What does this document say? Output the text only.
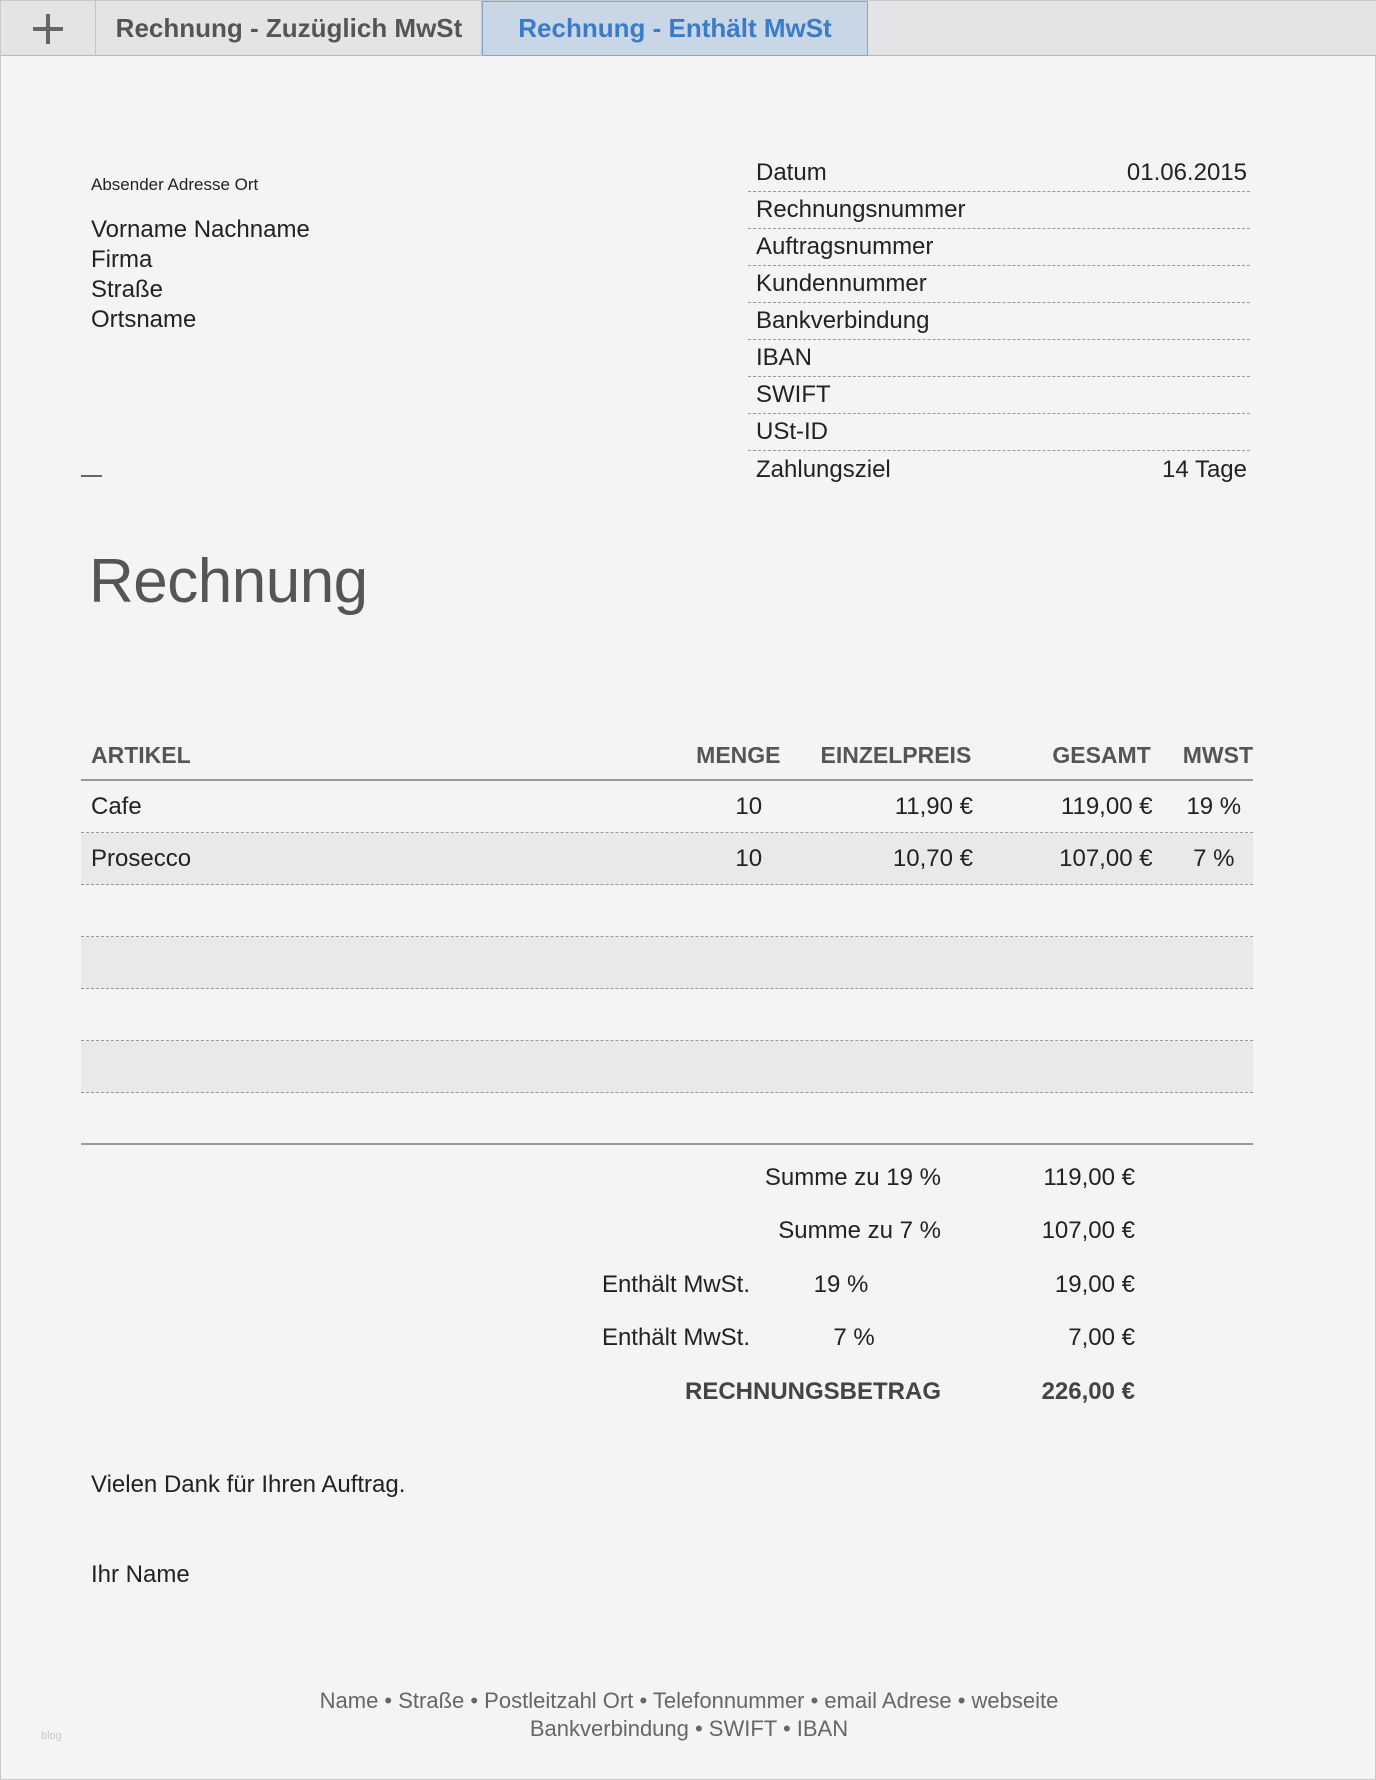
Rechnung - Zuzüglich MwSt	Rechnung - Enthält MwSt
Absender Adresse Ort
Vorname Nachname
Firma
Straße
Ortsname
Datum	01.06.2015
Rechnungsnummer
Auftragsnummer
Kundennummer
Bankverbindung
IBAN
SWIFT
USt-ID
Zahlungsziel	14 Tage
Rechnung
ARTIKEL	MENGE	EINZELPREIS	GESAMT	MWST
Cafe	10	11,90 €	119,00 €	19 %
Prosecco	10	10,70 €	107,00 €	7 %
Summe zu 19 %	119,00 €
Summe zu 7 %	107,00 €
Enthält MwSt.	19 %	19,00 €
Enthält MwSt.	7 %	7,00 €
RECHNUNGSBETRAG	226,00 €
Vielen Dank für Ihren Auftrag.
Ihr Name
Name • Straße • Postleitzahl Ort • Telefonnummer • email Adrese • webseite
Bankverbindung • SWIFT • IBAN
blog
